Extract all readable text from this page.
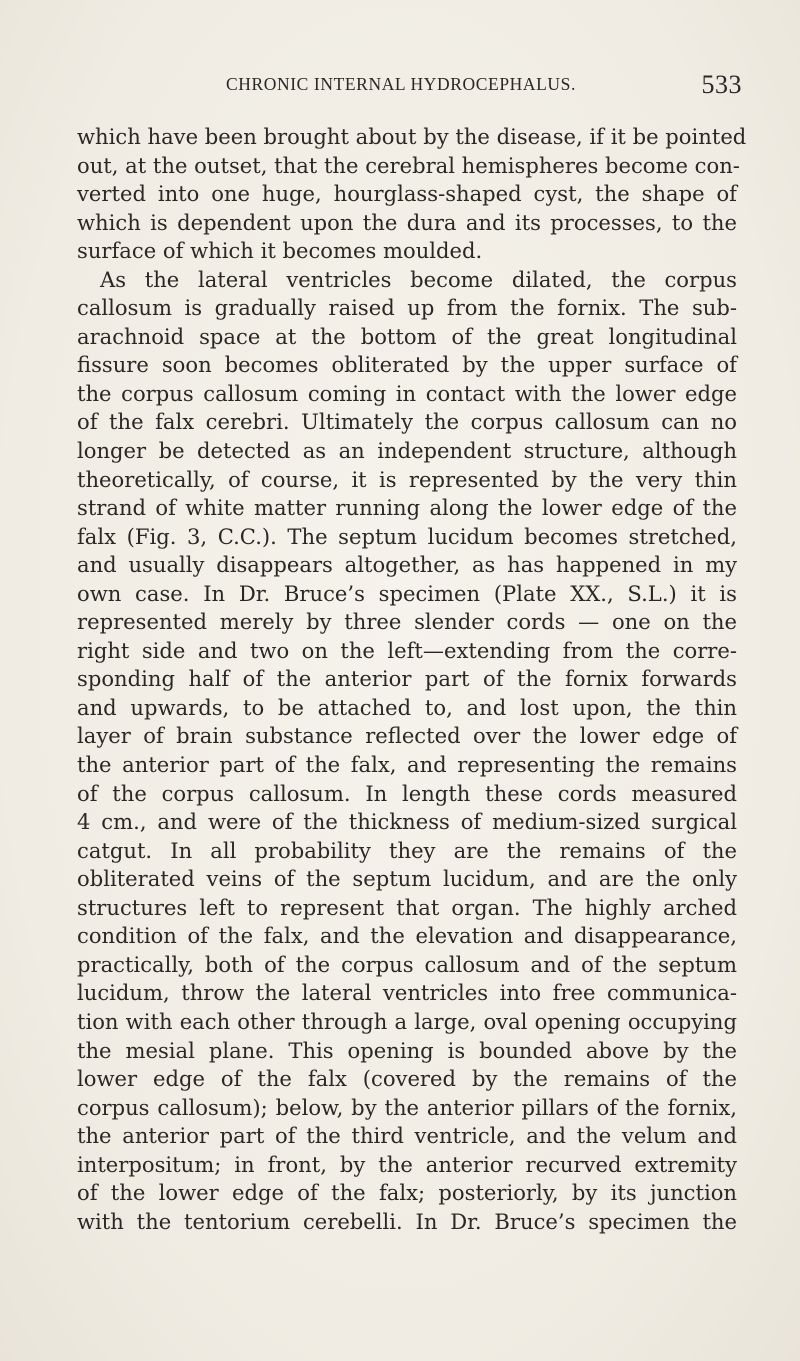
CHRONIC INTERNAL HYDROCEPHALUS.	533
which have been brought about by the disease, if it be pointed
out, at the outset, that the cerebral hemispheres become con-
verted into one huge, hourglass-shaped cyst, the shape of
which is dependent upon the dura and its processes, to the
surface of which it becomes moulded.
As the lateral ventricles become dilated, the corpus
callosum is gradually raised up from the fornix. The sub-
arachnoid space at the bottom of the great longitudinal
fissure soon becomes obliterated by the upper surface of
the corpus callosum coming in contact with the lower edge
of the falx cerebri. Ultimately the corpus callosum can no
longer be detected as an independent structure, although
theoretically, of course, it is represented by the very thin
strand of white matter running along the lower edge of the
falx (Fig. 3, C.C.). The septum lucidum becomes stretched,
and usually disappears altogether, as has happened in my
own case. In Dr. Bruce’s specimen (Plate XX., S.L.) it is
represented merely by three slender cords — one on the
right side and two on the left—extending from the corre-
sponding half of the anterior part of the fornix forwards
and upwards, to be attached to, and lost upon, the thin
layer of brain substance reflected over the lower edge of
the anterior part of the falx, and representing the remains
of the corpus callosum. In length these cords measured
4 cm., and were of the thickness of medium-sized surgical
catgut. In all probability they are the remains of the
obliterated veins of the septum lucidum, and are the only
structures left to represent that organ. The highly arched
condition of the falx, and the elevation and disappearance,
practically, both of the corpus callosum and of the septum
lucidum, throw the lateral ventricles into free communica-
tion with each other through a large, oval opening occupying
the mesial plane. This opening is bounded above by the
lower edge of the falx (covered by the remains of the
corpus callosum); below, by the anterior pillars of the fornix,
the anterior part of the third ventricle, and the velum and
interpositum; in front, by the anterior recurved extremity
of the lower edge of the falx; posteriorly, by its junction
with the tentorium cerebelli. In Dr. Bruce’s specimen the
